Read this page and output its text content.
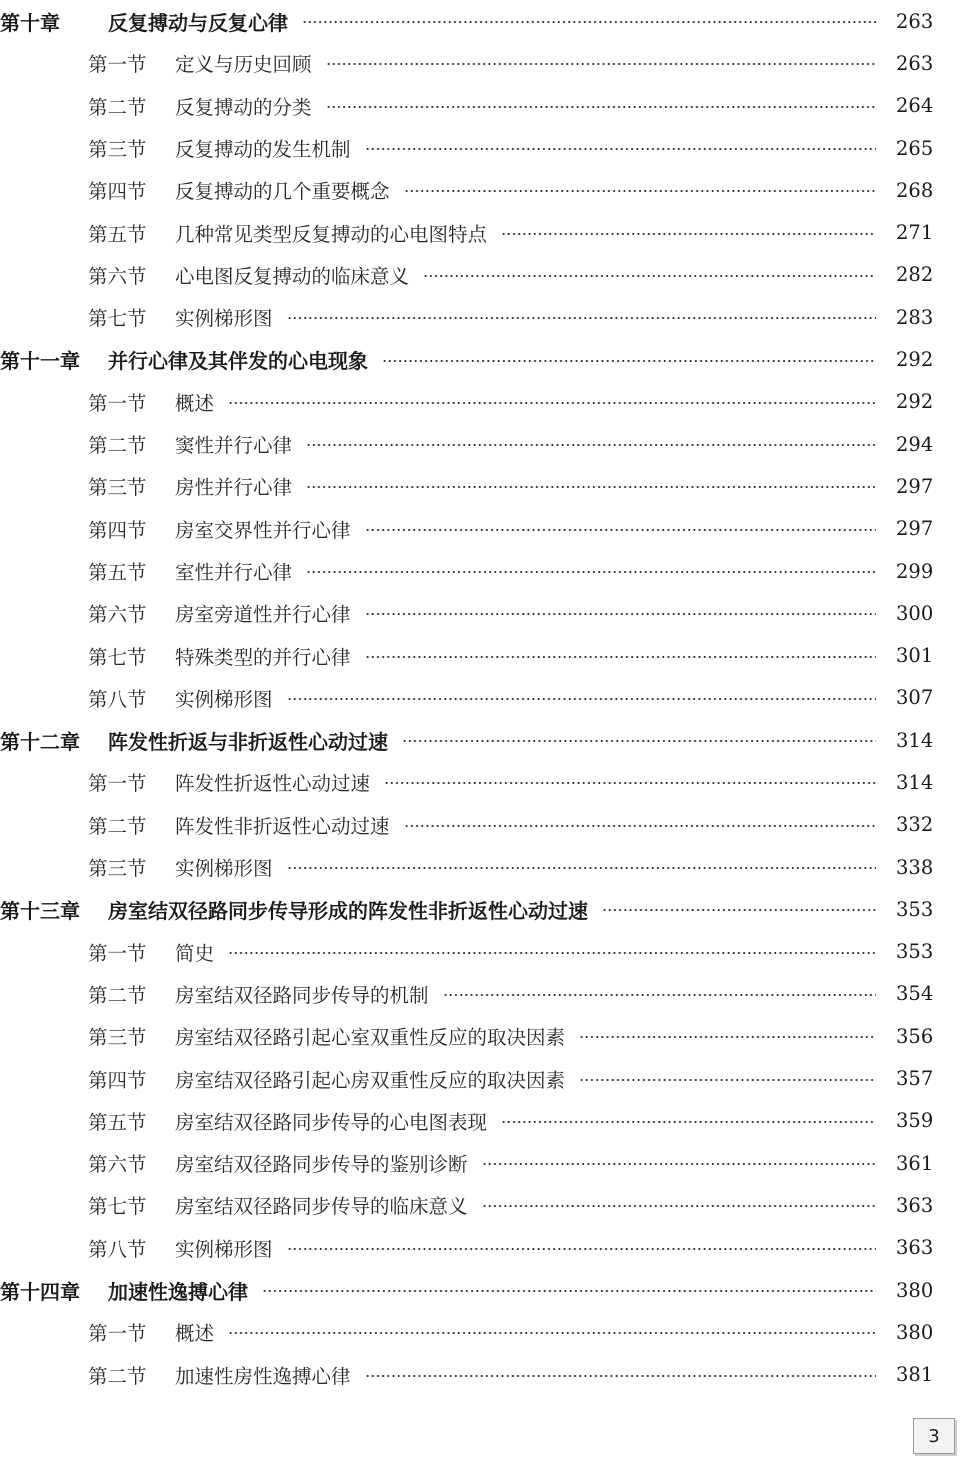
第十章	反复搏动与反复心律	263
第一节	定义与历史回顾	263
第二节	反复搏动的分类	264
第三节	反复搏动的发生机制	265
第四节	反复搏动的几个重要概念	268
第五节	几种常见类型反复搏动的心电图特点	271
第六节	心电图反复搏动的临床意义	282
第七节	实例梯形图	283
第十一章	并行心律及其伴发的心电现象	292
第一节	概述	292
第二节	窦性并行心律	294
第三节	房性并行心律	297
第四节	房室交界性并行心律	297
第五节	室性并行心律	299
第六节	房室旁道性并行心律	300
第七节	特殊类型的并行心律	301
第八节	实例梯形图	307
第十二章	阵发性折返与非折返性心动过速	314
第一节	阵发性折返性心动过速	314
第二节	阵发性非折返性心动过速	332
第三节	实例梯形图	338
第十三章	房室结双径路同步传导形成的阵发性非折返性心动过速	353
第一节	简史	353
第二节	房室结双径路同步传导的机制	354
第三节	房室结双径路引起心室双重性反应的取决因素	356
第四节	房室结双径路引起心房双重性反应的取决因素	357
第五节	房室结双径路同步传导的心电图表现	359
第六节	房室结双径路同步传导的鉴别诊断	361
第七节	房室结双径路同步传导的临床意义	363
第八节	实例梯形图	363
第十四章	加速性逸搏心律	380
第一节	概述	380
第二节	加速性房性逸搏心律	381
3
